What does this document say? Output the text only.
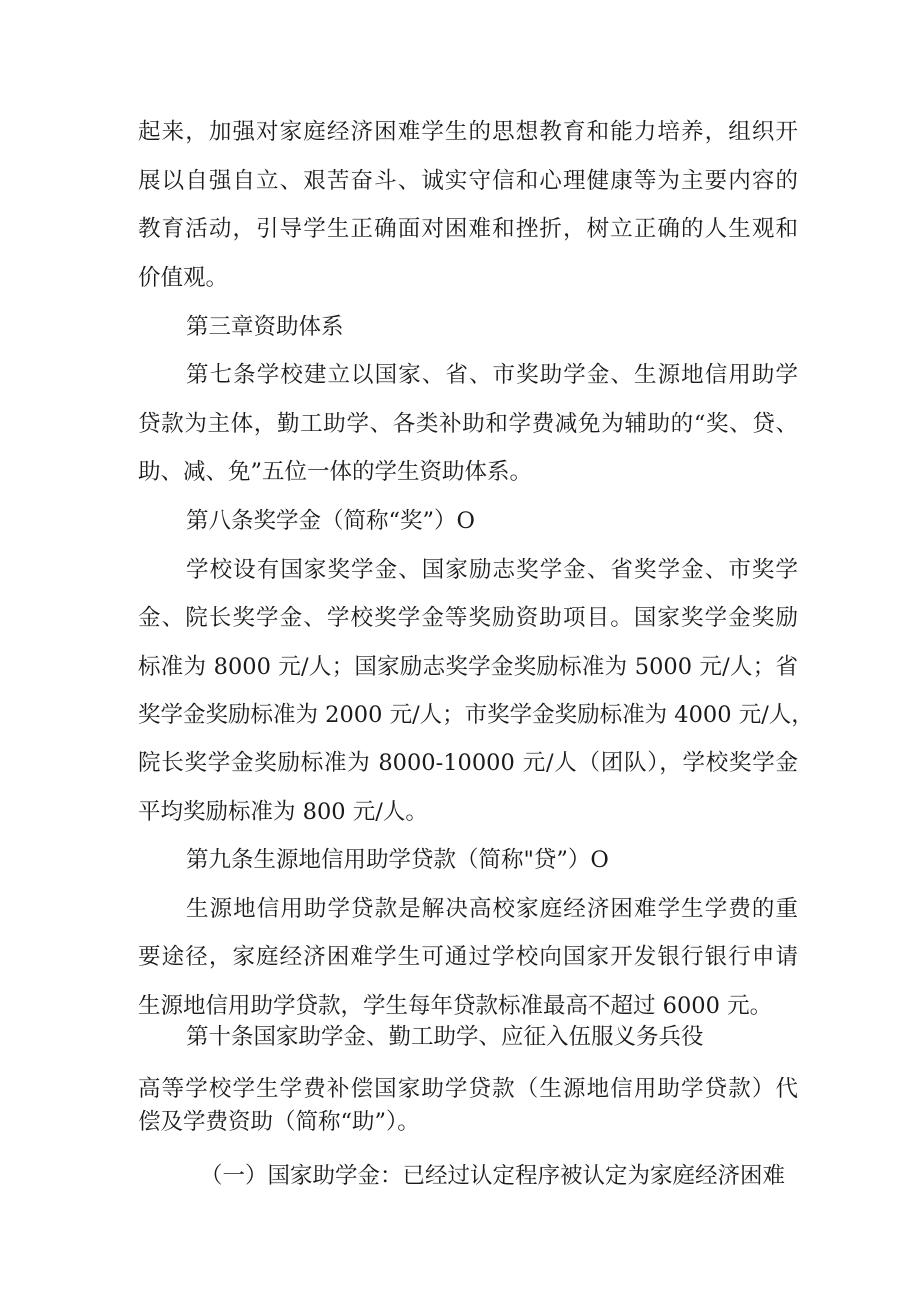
起来，加强对家庭经济困难学生的思想教育和能力培养，组织开
展以自强自立、艰苦奋斗、诚实守信和心理健康等为主要内容的
教育活动，引导学生正确面对困难和挫折，树立正确的人生观和
价值观。
第三章资助体系
第七条学校建立以国家、省、市奖助学金、生源地信用助学
贷款为主体，勤工助学、各类补助和学费减免为辅助的“奖、贷、
助、减、免”五位一体的学生资助体系。
第八条奖学金（简称“奖”）O
学校设有国家奖学金、国家励志奖学金、省奖学金、市奖学
金、院长奖学金、学校奖学金等奖励资助项目。国家奖学金奖励
标准为 8000 元/人；国家励志奖学金奖励标准为 5000 元/人；省
奖学金奖励标准为 2000 元/人；市奖学金奖励标准为 4000 元/人，
院长奖学金奖励标准为 8000-10000 元/人（团队），学校奖学金
平均奖励标准为 800 元/人。
第九条生源地信用助学贷款（简称"贷”）O
生源地信用助学贷款是解决高校家庭经济困难学生学费的重
要途径，家庭经济困难学生可通过学校向国家开发银行银行申请
生源地信用助学贷款，学生每年贷款标准最高不超过 6000 元。
第十条国家助学金、勤工助学、应征入伍服义务兵役
高等学校学生学费补偿国家助学贷款（生源地信用助学贷款）代
偿及学费资助（简称“助”）。
（一）国家助学金：已经过认定程序被认定为家庭经济困难
